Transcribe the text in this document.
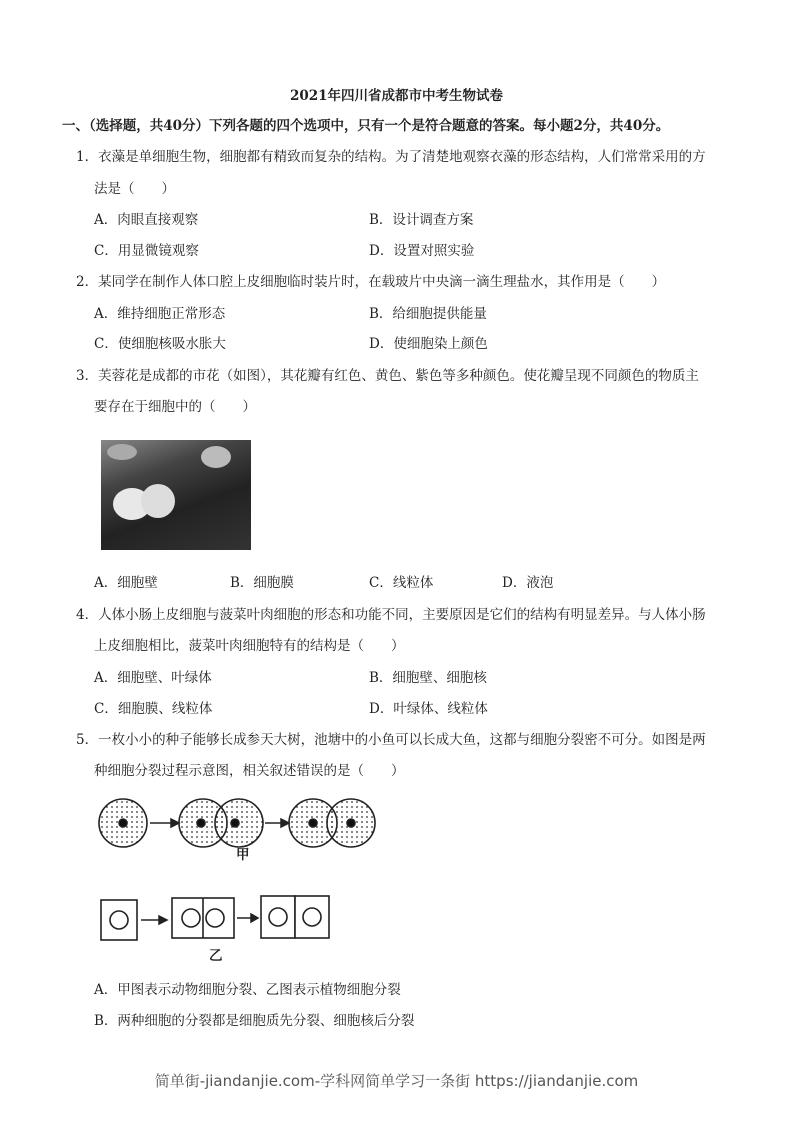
2021年四川省成都市中考生物试卷
一、（选择题，共40分）下列各题的四个选项中，只有一个是符合题意的答案。每小题2分，共40分。
1．衣藻是单细胞生物，细胞都有精致而复杂的结构。为了清楚地观察衣藻的形态结构，人们常常采用的方
法是（　　）
A．肉眼直接观察	B．设计调查方案
C．用显微镜观察	D．设置对照实验
2．某同学在制作人体口腔上皮细胞临时装片时，在载玻片中央滴一滴生理盐水，其作用是（　　）
A．维持细胞正常形态	B．给细胞提供能量
C．使细胞核吸水胀大	D．使细胞染上颜色
3．芙蓉花是成都的市花（如图），其花瓣有红色、黄色、紫色等多种颜色。使花瓣呈现不同颜色的物质主
要存在于细胞中的（　　）
A．细胞壁	B．细胞膜	C．线粒体	D．液泡
4．人体小肠上皮细胞与菠菜叶肉细胞的形态和功能不同，主要原因是它们的结构有明显差异。与人体小肠
上皮细胞相比，菠菜叶肉细胞特有的结构是（　　）
A．细胞壁、叶绿体	B．细胞壁、细胞核
C．细胞膜、线粒体	D．叶绿体、线粒体
5．一枚小小的种子能够长成参天大树，池塘中的小鱼可以长成大鱼，这都与细胞分裂密不可分。如图是两
种细胞分裂过程示意图，相关叙述错误的是（　　）
甲
乙
A．甲图表示动物细胞分裂、乙图表示植物细胞分裂
B．两种细胞的分裂都是细胞质先分裂、细胞核后分裂
简单街-jiandanjie.com-学科网简单学习一条街 https://jiandanjie.com
